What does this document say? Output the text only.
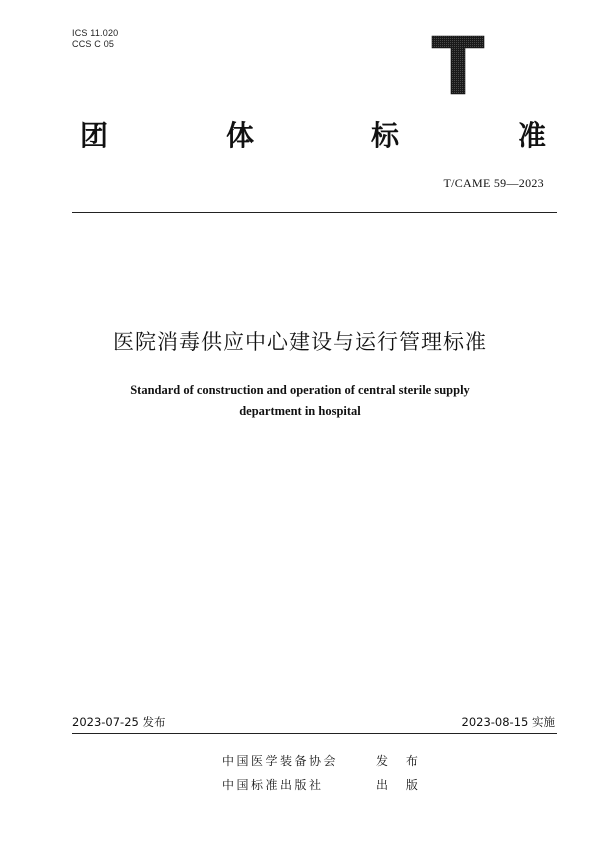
ICS 11.020
CCS C 05
T
团	体	标	准
T/CAME 59—2023
医院消毒供应中心建设与运行管理标准
Standard of construction and operation of central sterile supply
department in hospital
2023-07-25 发布	2023-08-15 实施
中国医学装备协会	发 布
中国标准出版社	出 版
